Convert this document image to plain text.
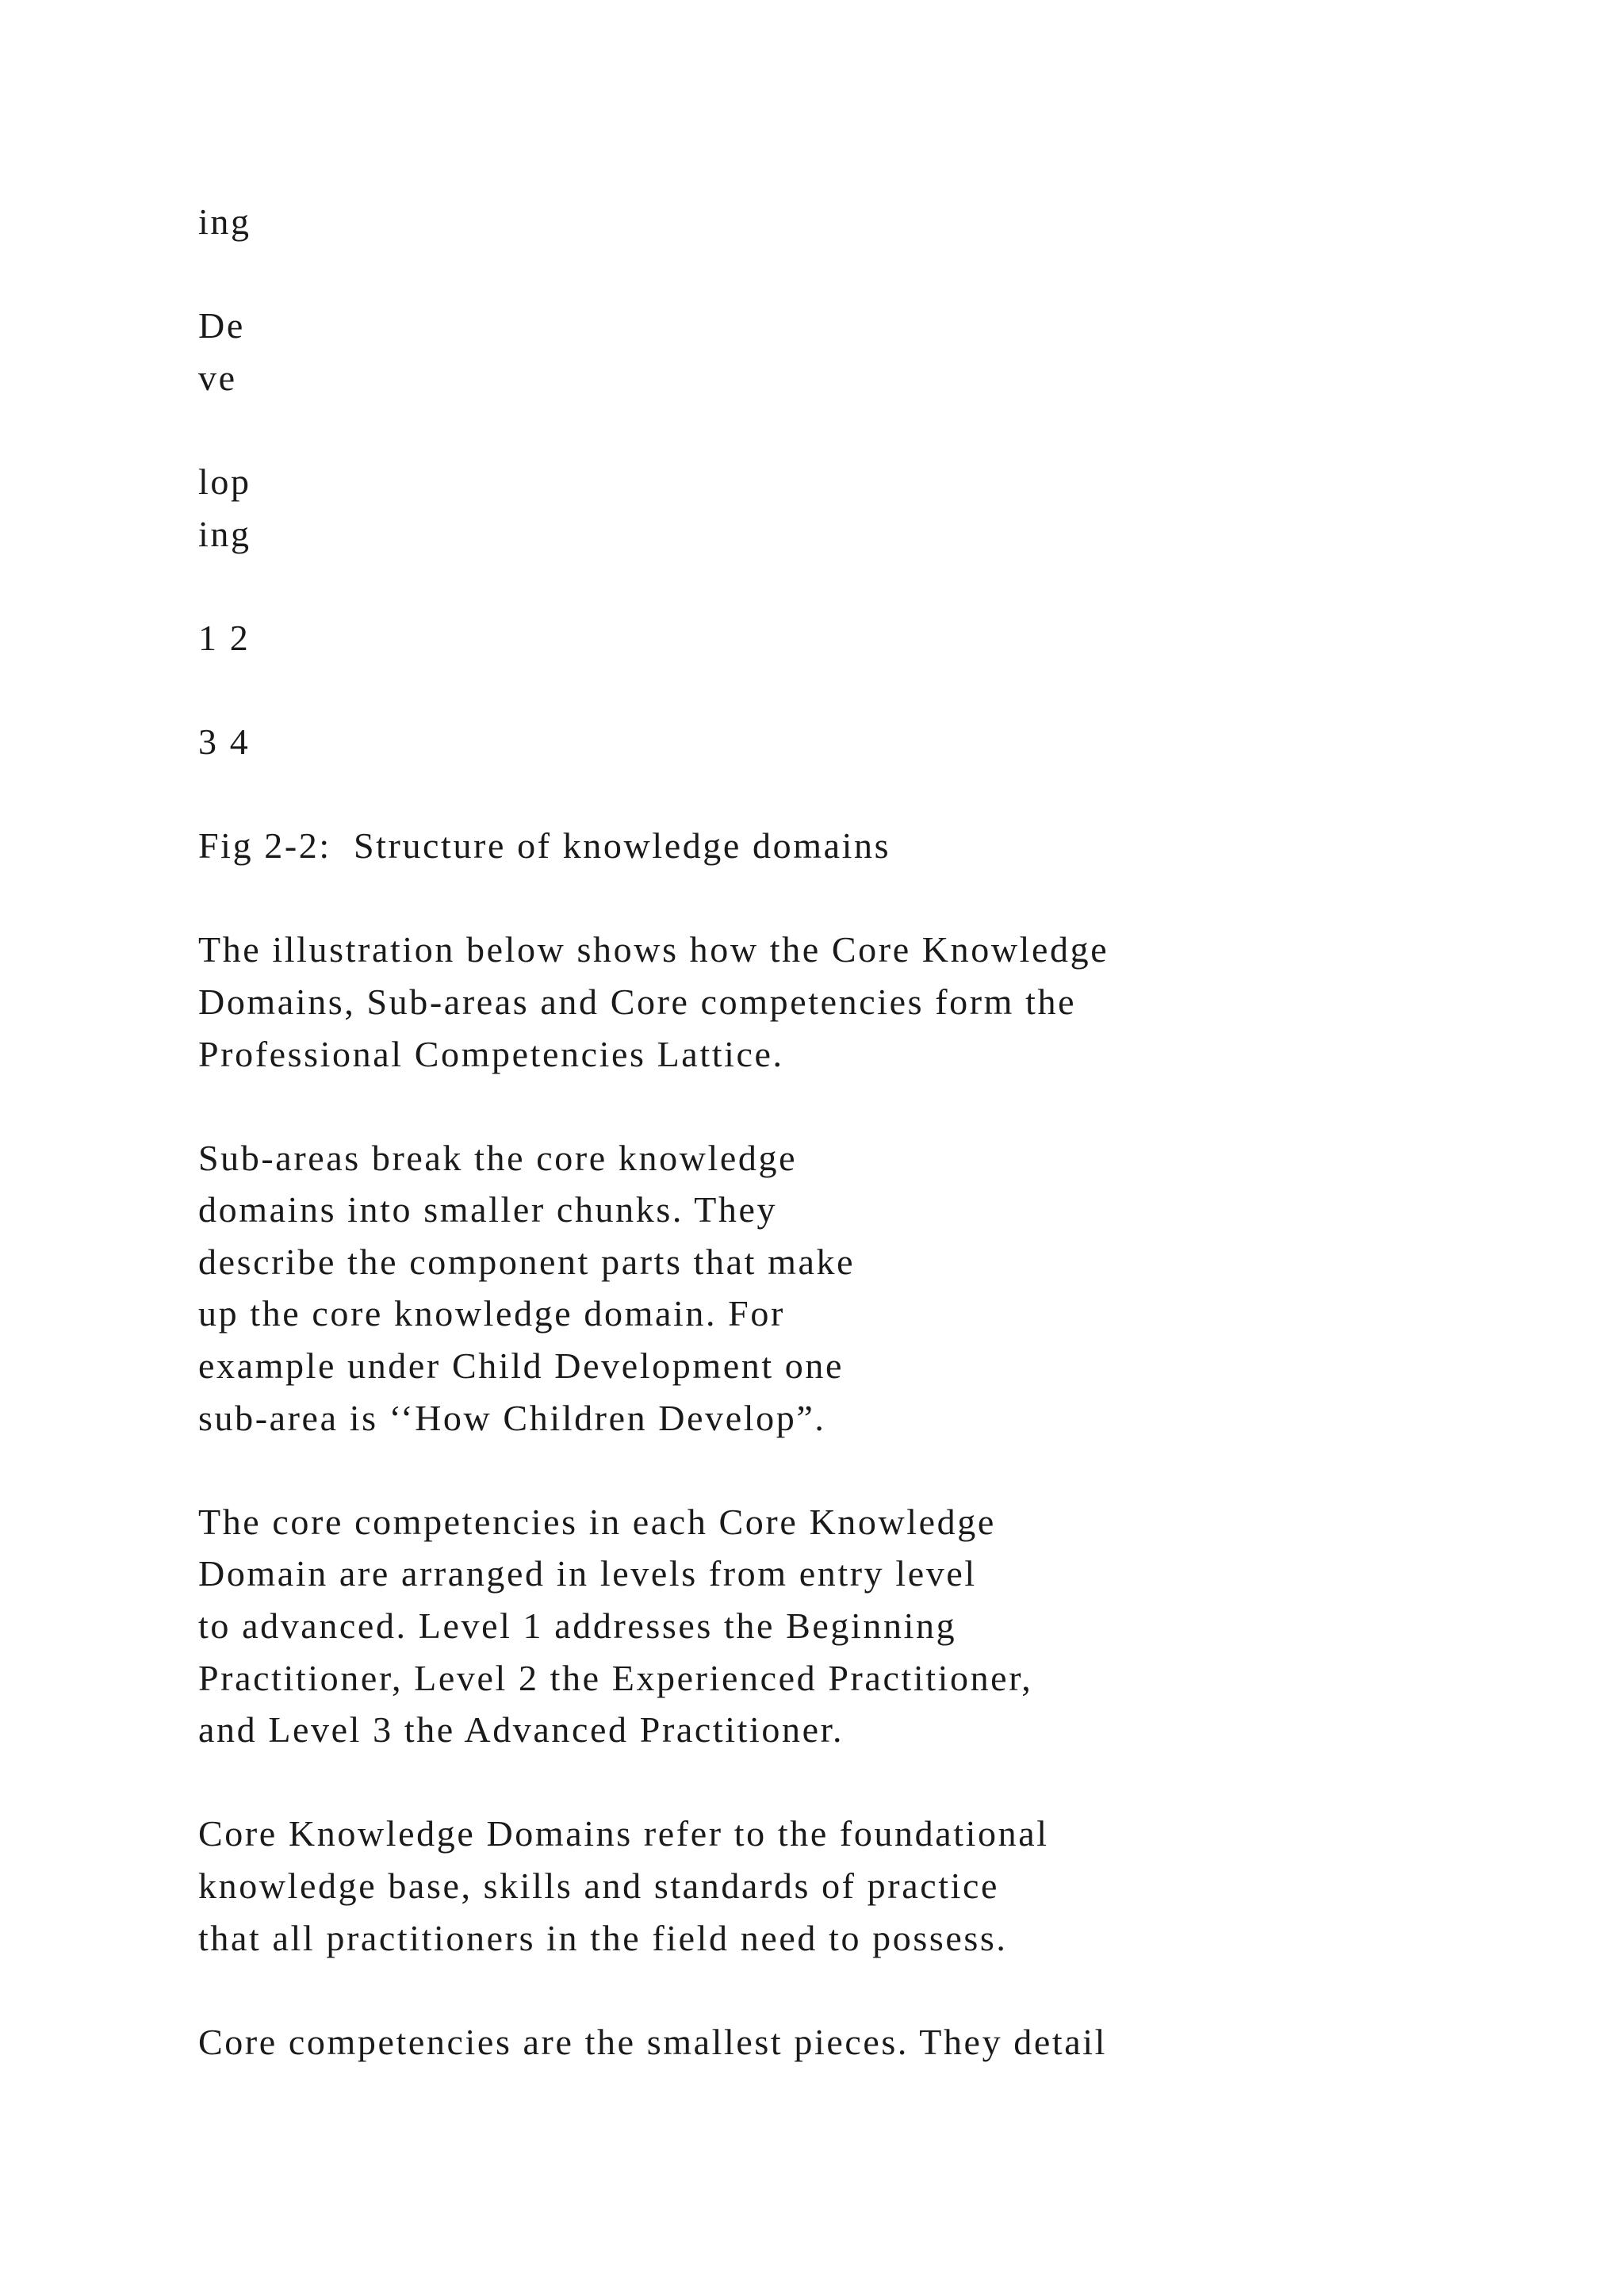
ing
De
ve
lop
ing
1 2
3 4
Fig 2-2:  Structure of knowledge domains
The illustration below shows how the Core Knowledge
Domains, Sub-areas and Core competencies form the
Professional Competencies Lattice.
Sub-areas break the core knowledge
domains into smaller chunks. They
describe the component parts that make
up the core knowledge domain. For
example under Child Development one
sub-area is ‘‘How Children Develop”.
The core competencies in each Core Knowledge
Domain are arranged in levels from entry level
to advanced. Level 1 addresses the Beginning
Practitioner, Level 2 the Experienced Practitioner,
and Level 3 the Advanced Practitioner.
Core Knowledge Domains refer to the foundational
knowledge base, skills and standards of practice
that all practitioners in the field need to possess.
Core competencies are the smallest pieces. They detail
